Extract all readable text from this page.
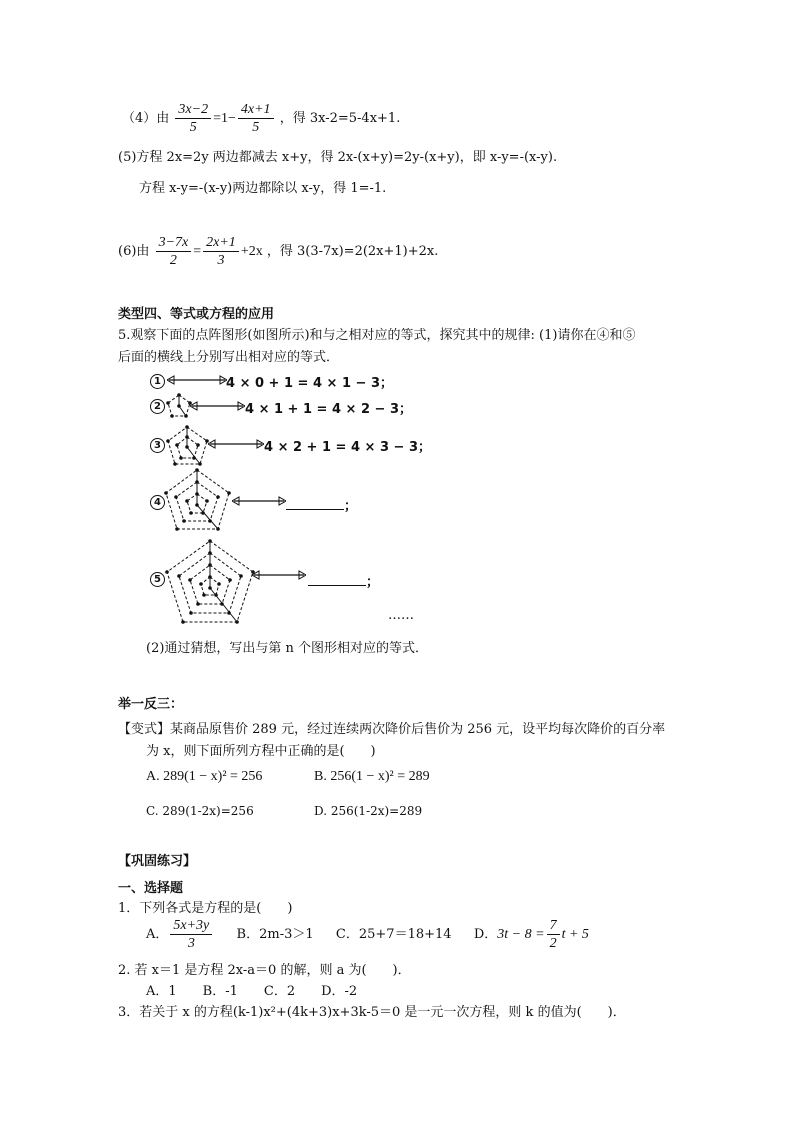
（4）由 $\frac{3x-2}{5} =1- \frac{4x+1}{5}$ ，得 3x-2=5-4x+1.
(5)方程 2x=2y 两边都减去 x+y，得 2x-(x+y)=2y-(x+y)，即 x-y=-(x-y).
方程 x-y=-(x-y)两边都除以 x-y，得 1=-1.
(6)由 $\frac{3-7x}{2} = \frac{2x+1}{3} +2x$ ，得 3(3-7x)=2(2x+1)+2x.
类型四、等式或方程的应用
5.观察下面的点阵图形(如图所示)和与之相对应的等式，探究其中的规律: (1)请你在④和⑤
后面的横线上分别写出相对应的等式．
1	4 × 0 + 1 = 4 × 1 − 3；
2	4 × 1 + 1 = 4 × 2 − 3；
3	4 × 2 + 1 = 4 × 3 − 3；
4	；
5	；
……
(2)通过猜想，写出与第 n 个图形相对应的等式．
举一反三：
【变式】某商品原售价 289 元，经过连续两次降价后售价为 256 元，设平均每次降价的百分率
为 x，则下面所列方程中正确的是(　　)
A. 289(1 − x)² = 256	B. 256(1 − x)² = 289
C. 289(1-2x)=256	D. 256(1-2x)=289
【巩固练习】
一、选择题
1．下列各式是方程的是(　　)
A． $\frac{5x+3y}{3}$ B．2m-3＞1 C．25+7＝18+14 D．$3t - 8 = \frac{7}{2}$ t + 5
2. 若 x＝1 是方程 2x-a＝0 的解，则 a 为(　　)．
A．1　　B．-1　　C．2　　D．-2
3．若关于 x 的方程(k-1)x²+(4k+3)x+3k-5＝0 是一元一次方程，则 k 的值为(　　)．
